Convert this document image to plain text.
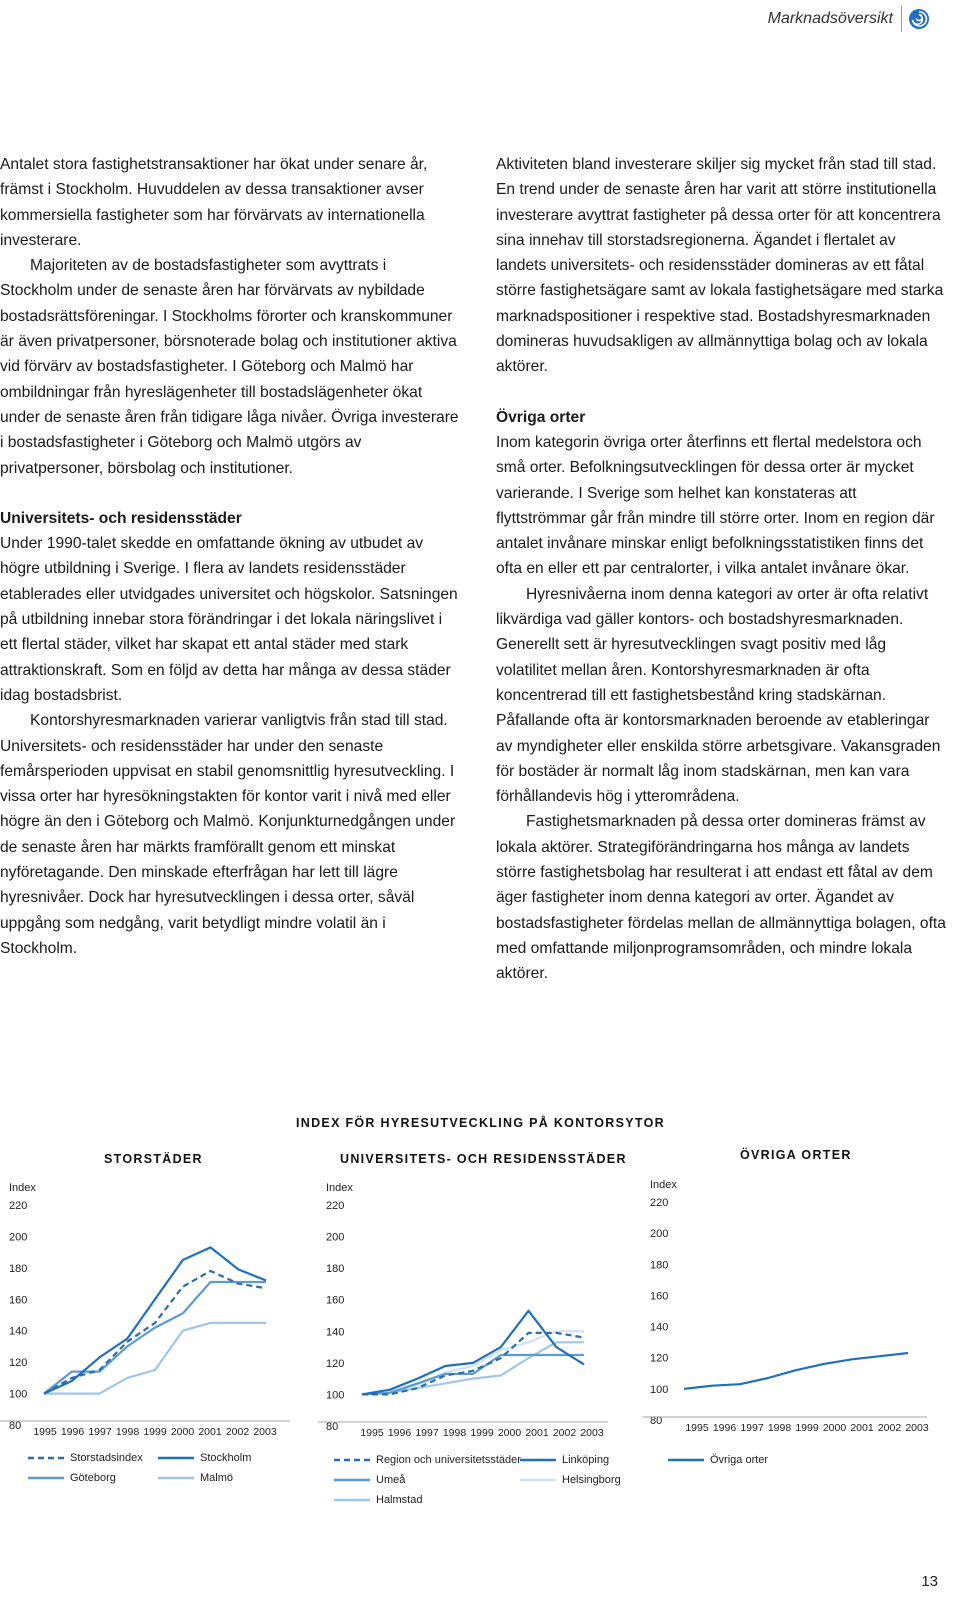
Marknadsöversikt

Antalet stora fastighetstransaktioner har ökat under senare år, främst i Stockholm. Huvuddelen av dessa transaktioner avser kommersiella fastigheter som har förvärvats av internationella investerare.

Majoriteten av de bostadsfastigheter som avyttrats i Stockholm under de senaste åren har förvärvats av nybildade bostadsrättsföreningar. I Stockholms förorter och kranskommuner är även privatpersoner, börsnoterade bolag och institutioner aktiva vid förvärv av bostadsfastigheter. I Göteborg och Malmö har ombildningar från hyreslägenheter till bostadslägenheter ökat under de senaste åren från tidigare låga nivåer. Övriga investerare i bostadsfastigheter i Göteborg och Malmö utgörs av privatpersoner, börsbolag och institutioner.

Universitets- och residensstäder

Under 1990-talet skedde en omfattande ökning av utbudet av högre utbildning i Sverige. I flera av landets residensstäder etablerades eller utvidgades universitet och högskolor. Satsningen på utbildning innebar stora förändringar i det lokala näringslivet i ett flertal städer, vilket har skapat ett antal städer med stark attraktionskraft. Som en följd av detta har många av dessa städer idag bostadsbrist.

Kontorshyresmarknaden varierar vanligtvis från stad till stad. Universitets- och residensstäder har under den senaste femårsperioden uppvisat en stabil genomsnittlig hyresutveckling. I vissa orter har hyresökningstakten för kontor varit i nivå med eller högre än den i Göteborg och Malmö. Konjunkturnedgången under de senaste åren har märkts framförallt genom ett minskat nyföretagande. Den minskade efterfrågan har lett till lägre hyresnivåer. Dock har hyresutvecklingen i dessa orter, såväl uppgång som nedgång, varit betydligt mindre volatil än i Stockholm.

Aktiviteten bland investerare skiljer sig mycket från stad till stad. En trend under de senaste åren har varit att större institutionella investerare avyttrat fastigheter på dessa orter för att koncentrera sina innehav till storstadsregionerna. Ägandet i flertalet av landets universitets- och residensstäder domineras av ett fåtal större fastighetsägare samt av lokala fastighetsägare med starka marknadspositioner i respektive stad. Bostadshyresmarknaden domineras huvudsakligen av allmännyttiga bolag och av lokala aktörer.

Övriga orter

Inom kategorin övriga orter återfinns ett flertal medelstora och små orter. Befolkningsutvecklingen för dessa orter är mycket varierande. I Sverige som helhet kan konstateras att flyttströmmar går från mindre till större orter. Inom en region där antalet invånare minskar enligt befolkningsstatistiken finns det ofta en eller ett par centralorter, i vilka antalet invånare ökar.

Hyresnivåerna inom denna kategori av orter är ofta relativt likvärdiga vad gäller kontors- och bostadshyresmarknaden. Generellt sett är hyresutvecklingen svagt positiv med låg volatilitet mellan åren. Kontorshyresmarknaden är ofta koncentrerad till ett fastighetsbestånd kring stadskärnan. Påfallande ofta är kontorsmarknaden beroende av etableringar av myndigheter eller enskilda större arbetsgivare. Vakansgraden för bostäder är normalt låg inom stadskärnan, men kan vara förhållandevis hög i ytterområdena.

Fastighetsmarknaden på dessa orter domineras främst av lokala aktörer. Strategiförändringarna hos många av landets större fastighetsbolag har resulterat i att endast ett fåtal av dem äger fastigheter inom denna kategori av orter. Ägandet av bostadsfastigheter fördelas mellan de allmännyttiga bolagen, ofta med omfattande miljonprogramsområden, och mindre lokala aktörer.

INDEX FÖR HYRESUTVECKLING PÅ KONTORSYTOR
STORSTÄDER	UNIVERSITETS- OCH RESIDENSSTÄDER	ÖVRIGA ORTER
Index
80
100
120
140
160
180
200
220
1995 1996 1997 1998 1999 2000 2001 2002 2003
Index
80
100
120
140
160
180
200
220
1995 1996 1997 1998 1999 2000 2001 2002 2003
Index
80
100
120
140
160
180
200
220
1995 1996 1997 1998 1999 2000 2001 2002 2003
Storstadsindex	Stockholm
Göteborg	Malmö
Region och universitetsstäder	Linköping
Umeå	Helsingborg
Halmstad
Övriga orter
13
